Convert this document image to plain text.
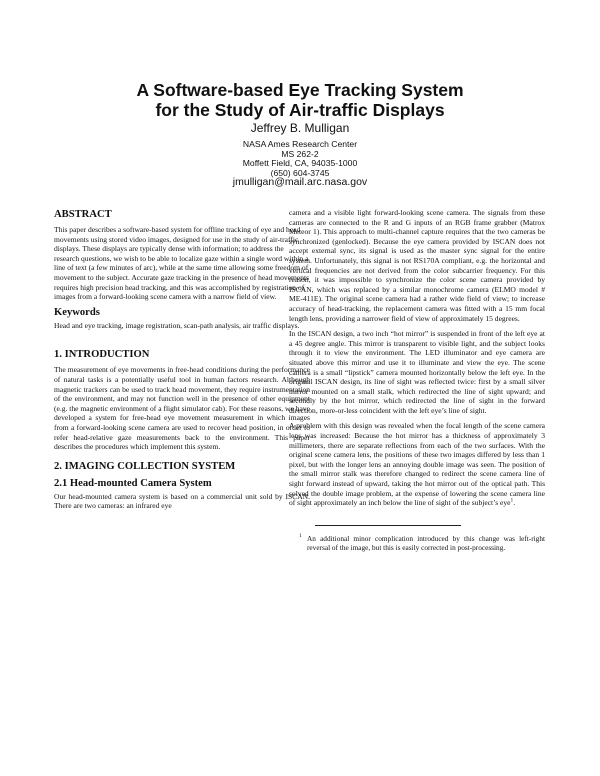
A Software-based Eye Tracking System
for the Study of Air-traffic Displays
Jeffrey B. Mulligan
NASA Ames Research Center
MS 262-2
Moffett Field, CA, 94035-1000
(650) 604-3745
jmulligan@mail.arc.nasa.gov
ABSTRACT

This paper describes a software-based system for offline tracking of eye and head movements using stored video images, designed for use in the study of air-traffic displays. These displays are typically dense with information; to address the research questions, we wish to be able to localize gaze within a single word within a line of text (a few minutes of arc), while at the same time allowing some freedom of movement to the subject. Accurate gaze tracking in the presence of head movements requires high precision head tracking, and this was accomplished by registration of images from a forward-looking scene camera with a narrow field of view.

Keywords

Head and eye tracking, image registration, scan-path analysis, air traffic displays.

1. INTRODUCTION

The measurement of eye movements in free-head conditions during the performance of natural tasks is a potentially useful tool in human factors research. Although magnetic trackers can be used to track head movement, they require instrumentation of the environment, and may not function well in the presence of other equipment (e.g. the magnetic environment of a flight simulator cab). For these reasons, we have developed a system for free-head eye movement measurement in which images from a forward-looking scene camera are used to recover head position, in order to refer head-relative gaze measurements back to the environment. This paper describes the procedures which implement this system.

2. IMAGING COLLECTION SYSTEM
2.1 Head-mounted Camera System

Our head-mounted camera system is based on a commercial unit sold by ISCAN. There are two cameras: an infrared eye

camera and a visible light forward-looking scene camera. The signals from these cameras are connected to the R and G inputs of an RGB frame grabber (Matrox Meteor 1). This approach to multi-channel capture requires that the two cameras be synchronized (genlocked). Because the eye camera provided by ISCAN does not accept external sync, its signal is used as the master sync signal for the entire system. Unfortunately, this signal is not RS170A compliant, e.g. the horizontal and vertical frequencies are not derived from the color subcarrier frequency. For this reason, it was impossible to synchronize the color scene camera provided by ISCAN, which was replaced by a similar monochrome camera (ELMO model # ME-411E). The original scene camera had a rather wide field of view; to increase accuracy of head-tracking, the replacement camera was fitted with a 15 mm focal length lens, providing a narrower field of view of approximately 15 degrees.

In the ISCAN design, a two inch “hot mirror” is suspended in front of the left eye at a 45 degree angle. This mirror is transparent to visible light, and the subject looks through it to view the environment. The LED illuminator and eye camera are situated above this mirror and use it to illuminate and view the eye. The scene camera is a small “lipstick” camera mounted horizontally below the left eye. In the original ISCAN design, its line of sight was reflected twice: first by a small silver mirror mounted on a small stalk, which redirected the line of sight upward; and secondly by the hot mirror, which redirected the line of sight in the forward direction, more-or-less coincident with the left eye’s line of sight.

A problem with this design was revealed when the focal length of the scene camera lens was increased: Because the hot mirror has a thickness of approximately 3 millimeters, there are separate reflections from each of the two surfaces. With the original scene camera lens, the positions of these two images differed by less than 1 pixel, but with the longer lens an annoying double image was seen. The position of the small mirror stalk was therefore changed to redirect the scene camera line of sight forward instead of upward, taking the hot mirror out of the optical path. This solved the double image problem, at the expense of lowering the scene camera line of sight approximately an inch below the line of sight of the subject’s eye$^1$.

1 An additional minor complication introduced by this change was left-right reversal of the image, but this is easily corrected in post-processing.
